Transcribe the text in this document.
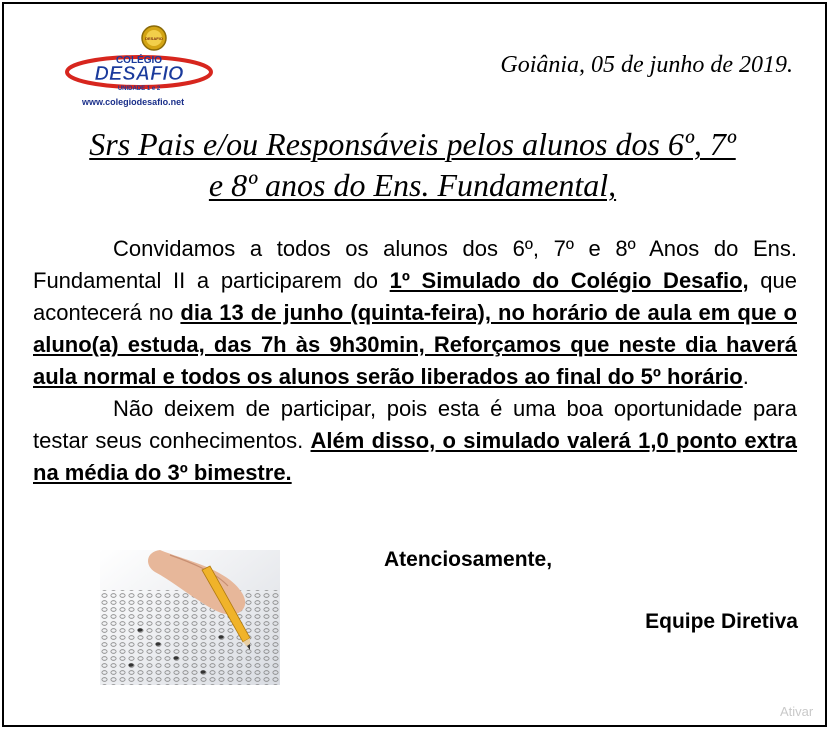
DESAFIO
COLÉGIO
DESAFIO
UNIDADE 1 e 2
www.colegiodesafio.net
Goiânia, 05 de junho de 2019.
Srs Pais e/ou Responsáveis pelos alunos dos 6º, 7º
e 8º anos do Ens. Fundamental,

Convidamos a todos os alunos dos 6º, 7º e 8º Anos do Ens. Fundamental II a participarem do 1º Simulado do Colégio Desafio, que acontecerá no dia 13 de junho (quinta-feira), no horário de aula em que o aluno(a) estuda, das 7h às 9h30min, Reforçamos que neste dia haverá aula normal e todos os alunos serão liberados ao final do 5º horário.

Não deixem de participar, pois esta é uma boa oportunidade para testar seus conhecimentos. Além disso, o simulado valerá 1,0 ponto extra na média do 3º bimestre.

Atenciosamente,
Equipe Diretiva
Ativar
